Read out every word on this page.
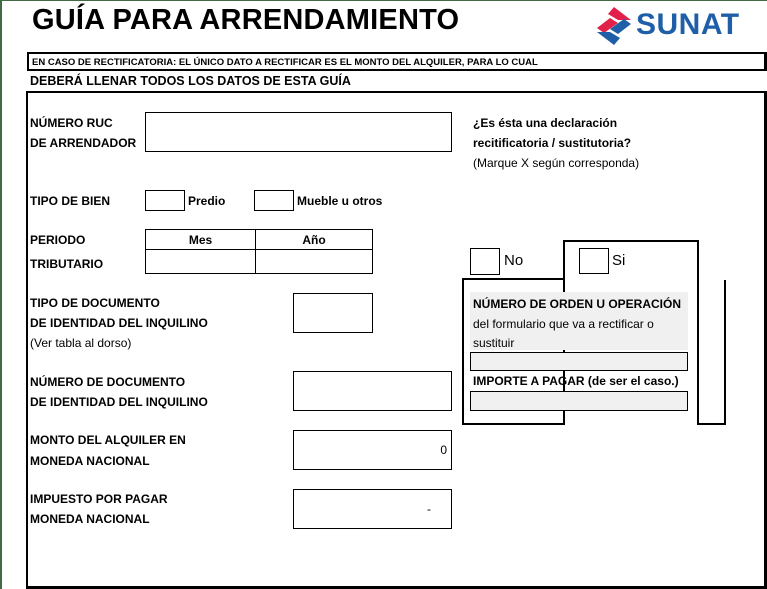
GUÍA PARA ARRENDAMIENTO	SUNAT
EN CASO DE RECTIFICATORIA: EL ÚNICO DATO A RECTIFICAR ES EL MONTO DEL ALQUILER, PARA LO CUAL
DEBERÁ LLENAR TODOS LOS DATOS DE ESTA GUÍA
NÚMERO RUC
DE ARRENDADOR
TIPO DE BIEN	Predio	Mueble u otros
PERIODO
TRIBUTARIO
Mes	Año

TIPO DE DOCUMENTO
DE IDENTIDAD DEL INQUILINO
(Ver tabla al dorso)
NÚMERO DE DOCUMENTO
DE IDENTIDAD DEL INQUILINO
MONTO DEL ALQUILER EN
MONEDA NACIONAL
0
IMPUESTO POR PAGAR
MONEDA NACIONAL
-
¿Es ésta una declaración
recitificatoria / sustitutoria?
(Marque X según corresponda)
No	Si
NÚMERO DE ORDEN U OPERACIÓN
del formulario que va a rectificar o
sustituir
IMPORTE A PAGAR (de ser el caso.)
